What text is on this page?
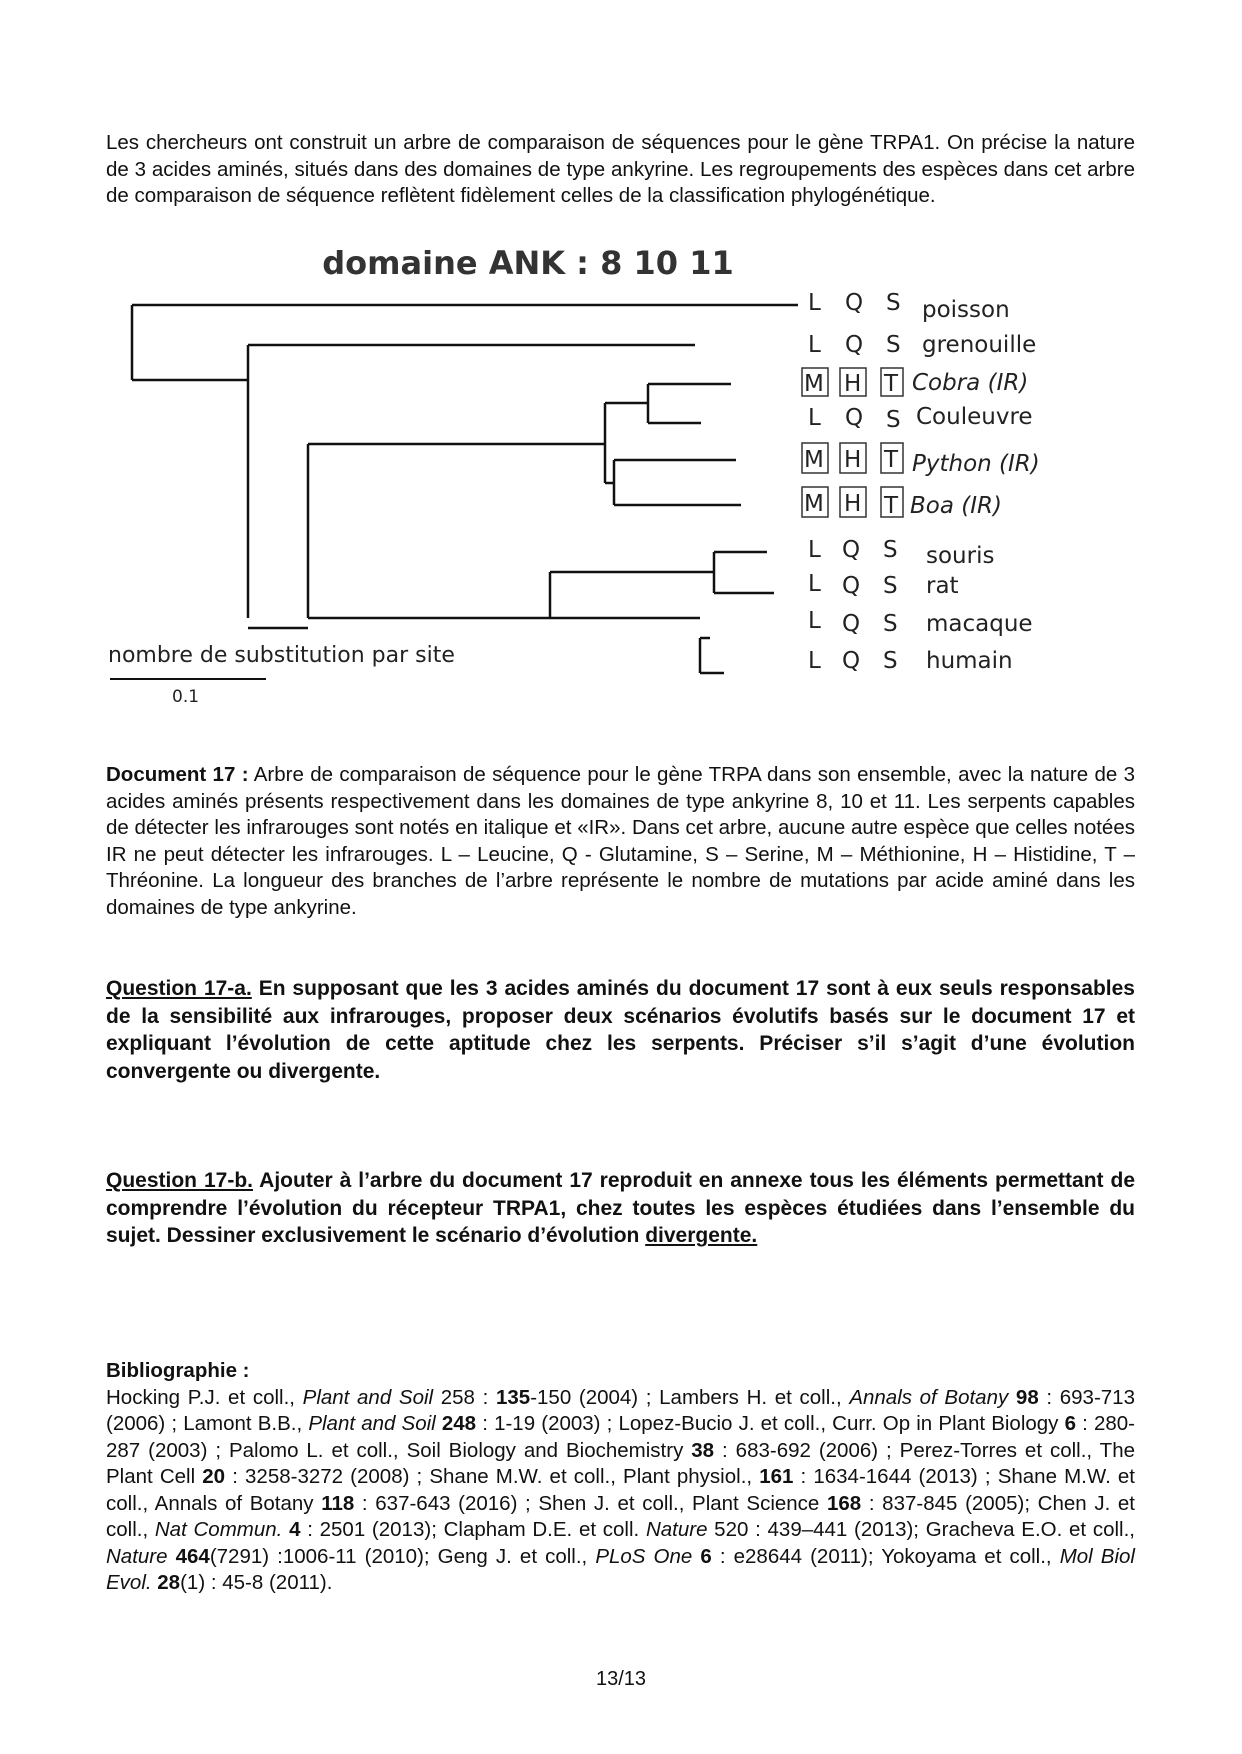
Les chercheurs ont construit un arbre de comparaison de séquences pour le gène TRPA1. On précise la nature de 3 acides aminés, situés dans des domaines de type ankyrine. Les regroupements des espèces dans cet arbre de comparaison de séquence reflètent fidèlement celles de la classification phylogénétique.
domaine ANK : 8 10 11
nombre de substitution par site
0.1
L Q S poisson
L Q S grenouille
M H T Cobra (IR)
L Q S Couleuvre
M H T Python (IR)
M H T Boa (IR)
L Q S souris
L Q S rat
L Q S macaque
L Q S humain
Document 17 : Arbre de comparaison de séquence pour le gène TRPA dans son ensemble, avec la nature de 3 acides aminés présents respectivement dans les domaines de type ankyrine 8, 10 et 11. Les serpents capables de détecter les infrarouges sont notés en italique et «IR». Dans cet arbre, aucune autre espèce que celles notées IR ne peut détecter les infrarouges. L – Leucine, Q - Glutamine, S – Serine, M – Méthionine, H – Histidine, T – Thréonine. La longueur des branches de l’arbre représente le nombre de mutations par acide aminé dans les domaines de type ankyrine.
Question 17-a. En supposant que les 3 acides aminés du document 17 sont à eux seuls responsables de la sensibilité aux infrarouges, proposer deux scénarios évolutifs basés sur le document 17 et expliquant l’évolution de cette aptitude chez les serpents. Préciser s’il s’agit d’une évolution convergente ou divergente.
Question 17-b. Ajouter à l’arbre du document 17 reproduit en annexe tous les éléments permettant de comprendre l’évolution du récepteur TRPA1, chez toutes les espèces étudiées dans l’ensemble du sujet. Dessiner exclusivement le scénario d’évolution divergente.
Bibliographie :
Hocking P.J. et coll., Plant and Soil 258 : 135-150 (2004) ; Lambers H. et coll., Annals of Botany 98 : 693-713 (2006) ; Lamont B.B., Plant and Soil 248 : 1-19 (2003) ; Lopez-Bucio J. et coll., Curr. Op in Plant Biology 6 : 280-287 (2003) ; Palomo L. et coll., Soil Biology and Biochemistry 38 : 683-692 (2006) ; Perez-Torres et coll., The Plant Cell 20 : 3258-3272 (2008) ; Shane M.W. et coll., Plant physiol., 161 : 1634-1644 (2013) ; Shane M.W. et coll., Annals of Botany 118 : 637-643 (2016) ; Shen J. et coll., Plant Science 168 : 837-845 (2005); Chen J. et coll., Nat Commun. 4 : 2501 (2013); Clapham D.E. et coll. Nature 520 : 439–441 (2013); Gracheva E.O. et coll., Nature 464(7291) :1006-11 (2010); Geng J. et coll., PLoS One 6 : e28644 (2011); Yokoyama et coll., Mol Biol Evol. 28(1) : 45-8 (2011).
13/13
